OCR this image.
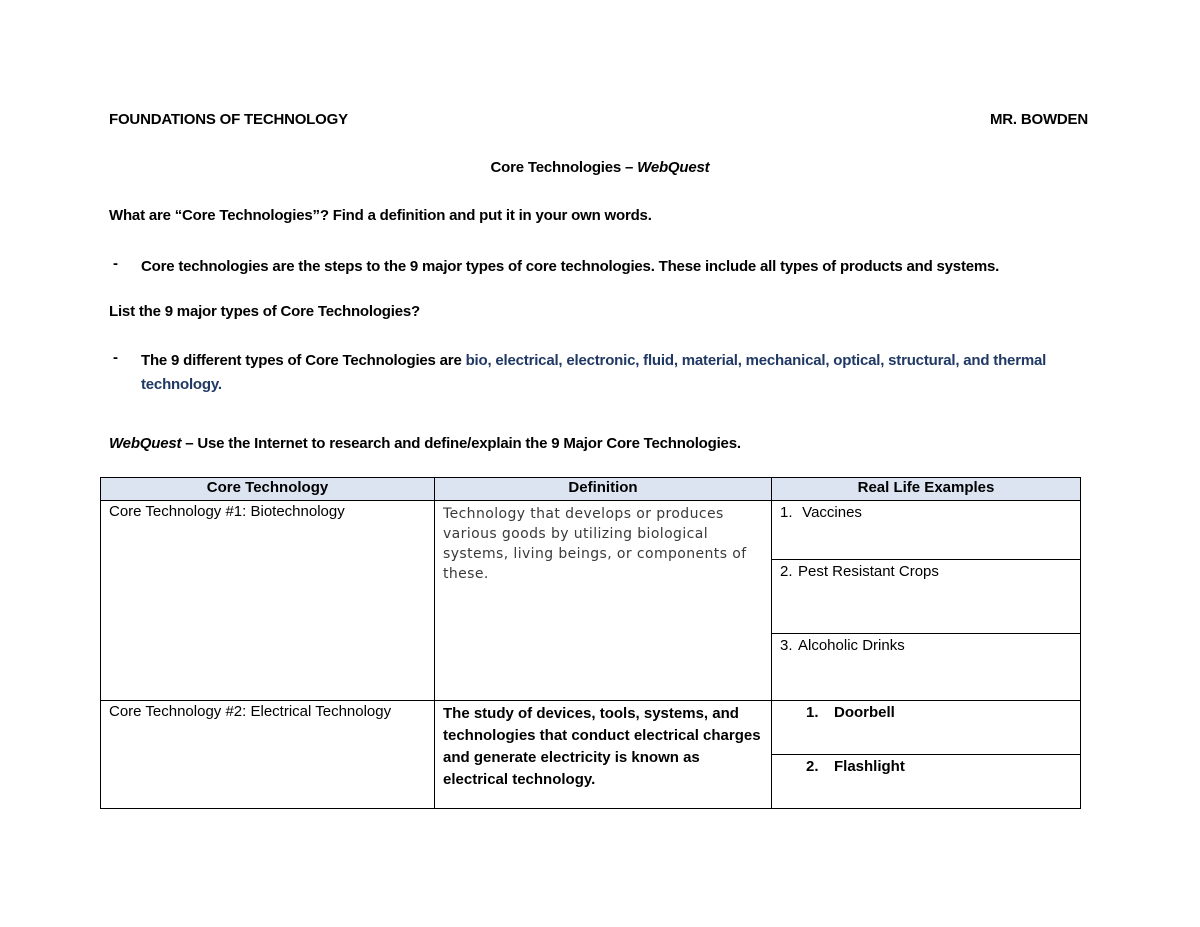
FOUNDATIONS OF TECHNOLOGY	MR. BOWDEN
Core Technologies – WebQuest
What are “Core Technologies”? Find a definition and put it in your own words.
-	Core technologies are the steps to the 9 major types of core technologies. These include all types of products and systems.
List the 9 major types of Core Technologies?
-	The 9 different types of Core Technologies are bio, electrical, electronic, fluid, material, mechanical, optical, structural, and thermal technology.
WebQuest – Use the Internet to research and define/explain the 9 Major Core Technologies.
Core Technology	Definition	Real Life Examples
Core Technology #1: Biotechnology	Technology that develops or produces various goods by utilizing biological systems, living beings, or components of these.	1. Vaccines
2. Pest Resistant Crops
3. Alcoholic Drinks

Core Technology #2: Electrical Technology	The study of devices, tools, systems, and technologies that conduct electrical charges and generate electricity is known as electrical technology.	1. Doorbell
2. Flashlight
